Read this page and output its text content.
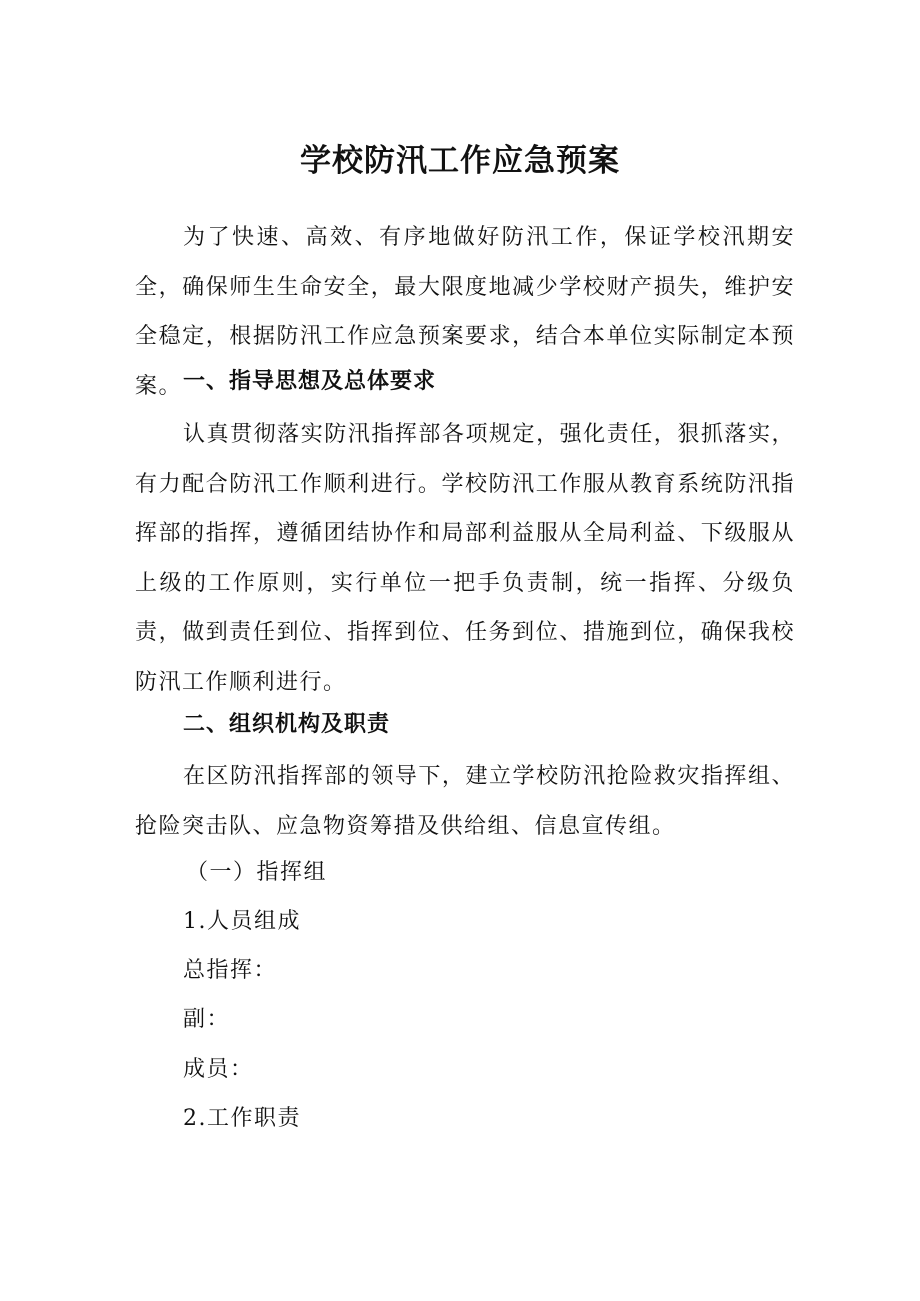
学校防汛工作应急预案

为了快速、高效、有序地做好防汛工作，保证学校汛期安全，确保师生生命安全，最大限度地减少学校财产损失，维护安全稳定，根据防汛工作应急预案要求，结合本单位实际制定本预案。 一、指导思想及总体要求

认真贯彻落实防汛指挥部各项规定，强化责任，狠抓落实，有力配合防汛工作顺利进行。学校防汛工作服从教育系统防汛指挥部的指挥，遵循团结协作和局部利益服从全局利益、下级服从上级的工作原则，实行单位一把手负责制，统一指挥、分级负责，做到责任到位、指挥到位、任务到位、措施到位，确保我校防汛工作顺利进行。

二、组织机构及职责

在区防汛指挥部的领导下，建立学校防汛抢险救灾指挥组、抢险突击队、应急物资筹措及供给组、信息宣传组。

（一）指挥组
1.人员组成
总指挥：
副：
成员：
2.工作职责
